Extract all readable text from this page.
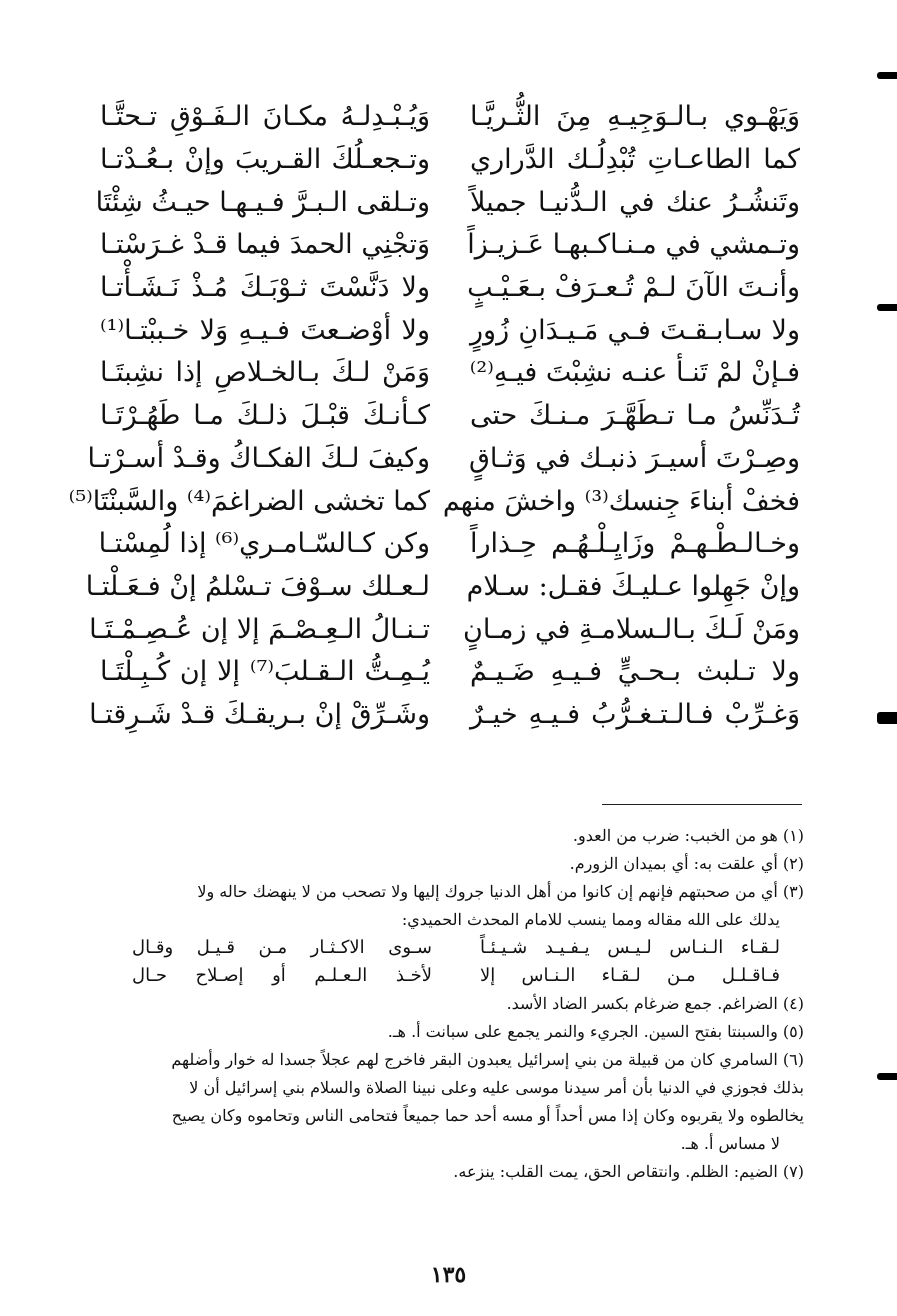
وَيَهْـوي بـالـوَجِيـهِ مِنَ الثُّـريَّـا
وَيُـبْـدِلـهُ مكـانَ الـفَـوْقِ تـحتَّـا
كما الطاعـاتِ تُبْدِلُـك الدَّراري
وتـجعـلُكَ القـريبَ وإنْ بـعُـدْتـا
وتَنشُـرُ عنك في الـدُّنيـا جميلاً
وتـلقى الـبـرَّ فـيـهـا حيـثُ شِئْتَا
وتـمشي في مـنـاكـبهـا عَـزيـزاً
وَتجْنِي الحمدَ فيما قـدْ غـرَسْتـا
وأنـتَ الآنَ لـمْ تُـعـرَفْ بـعَـيْـبٍ
ولا دَنَّسْتَ ثـوْبَـكَ مُـذْ نَـشَـأْتـا
ولا سـابـقـتَ فـي مَـيـدَانِ زُورٍ
ولا أوْضـعتَ فـيـهِ وَلا خـببْتـا⁽¹⁾
فـإنْ لمْ تَنـأ عنـه نشِبْتَ فيـهِ⁽²⁾
وَمَنْ لـكَ بـالخـلاصِ إذا نشِبتَـا
تُـدَنِّسُ مـا تـطَهَّـرَ مـنـكَ حتى
كـأنـكَ قبْـلَ ذلـكَ مـا طَهُـرْتَـا
وصِـرْتَ أسيـرَ ذنبـك في وَثـاقٍ
وكيفَ لـكَ الفكـاكُ وقـدْ أسـرْتـا
فخفْ أبناءَ جِنسك⁽³⁾ واخشَ منهم
كما تخشى الضراغمَ⁽⁴⁾ والسَّبنْتَا⁽⁵⁾
وخـالـطْـهـمْ وزَايِـلْـهُـم حِـذاراً
وكن كـالسّـامـري⁽⁶⁾ إذا لُمِسْتـا
وإنْ جَهِلوا عـليـكَ فقـل: سـلام
لـعـلك سـوْفَ تـسْلمُ إنْ فـعَـلْتـا
ومَنْ لَـكَ بـالـسلامـةِ في زمـانٍ
تـنـالُ الـعِـصْـمَ إلا إن عُـصِـمْـتَـا
ولا تـلبث بـحـيٍّ فـيـهِ ضَـيـمٌ
يُـمِـتُّ الـقـلبَ⁽⁷⁾ إلا إن كُـبِـلْتَـا
وَغـرِّبْ فـالـتـغـرُّبُ فـيـهِ خيـرٌ
وشَـرِّقْ إنْ بـريقـكَ قـدْ شَـرِقتـا
(١) هو من الخبب: ضرب من العدو.
(٢) أي علقت به: أي بميدان الزورم.
(٣) أي من صحبتهم فإنهم إن كانوا من أهل الدنيا جروك إليها ولا تصحب من لا ينهضك حاله ولا
يدلك على الله مقاله ومما ينسب للامام المحدث الحميدي:
لـقـاء الـنـاس لـيـس يـفـيـد شـيـئـاً
سـوى الاكـثـار مـن قـيـل وقـال
فـاقـلـل مـن لـقـاء الـنـاس إلا
لأخـذ الـعـلـم أو إصـلاح حـال
(٤) الضراغم. جمع ضرغام بكسر الضاد الأسد.
(٥) والسبنتا بفتح السين. الجريء والنمر يجمع على سبانت أ. هـ.
(٦) السامري كان من قبيلة من بني إسرائيل يعبدون البقر فاخرج لهم عجلاً جسدا له خوار وأضلهم
بذلك فجوزي في الدنيا بأن أمر سيدنا موسى عليه وعلى نبينا الصلاة والسلام بني إسرائيل أن لا
يخالطوه ولا يقربوه وكان إذا مس أحداً أو مسه أحد حما جميعاً فتحامى الناس وتحاموه وكان يصيح
لا مساس أ. هـ.
(٧) الضيم: الظلم. وانتقاص الحق، يمت القلب: ينزعه.
١٣٥
